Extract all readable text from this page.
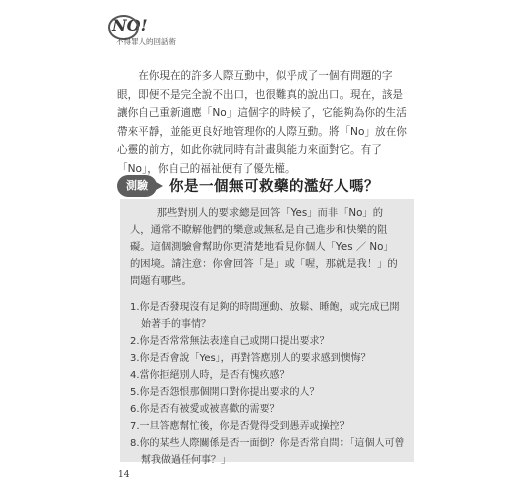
NO!
不得罪人的回話術

在你現在的許多人際互動中，似乎成了一個有問題的字眼，即便不是完全說不出口，也很難真的說出口。現在，該是讓你自己重新適應「No」這個字的時候了，它能夠為你的生活帶來平靜，並能更良好地管理你的人際互動。將「No」放在你心靈的前方，如此你就同時有計畫與能力來面對它。有了「No」，你自己的福祉便有了優先權。

測驗	你是一個無可救藥的濫好人嗎？

那些對別人的要求總是回答「Yes」而非「No」的人，通常不瞭解他們的樂意或無私是自己進步和快樂的阻礙。這個測驗會幫助你更清楚地看見你個人「Yes ／ No」的困境。請注意：你會回答「是」或「喔，那就是我！」的問題有哪些。

1.你是否發現沒有足夠的時間運動、放鬆、睡飽，或完成已開始著手的事情？
2.你是否常常無法表達自己或開口提出要求？
3.你是否會說「Yes」，再對答應別人的要求感到懊悔？
4.當你拒絕別人時，是否有愧疚感？
5.你是否怨恨那個開口對你提出要求的人？
6.你是否有被愛或被喜歡的需要？
7.一旦答應幫忙後，你是否覺得受到愚弄或操控？
8.你的某些人際關係是否一面倒？你是否常自問：「這個人可曾幫我做過任何事？」
14
